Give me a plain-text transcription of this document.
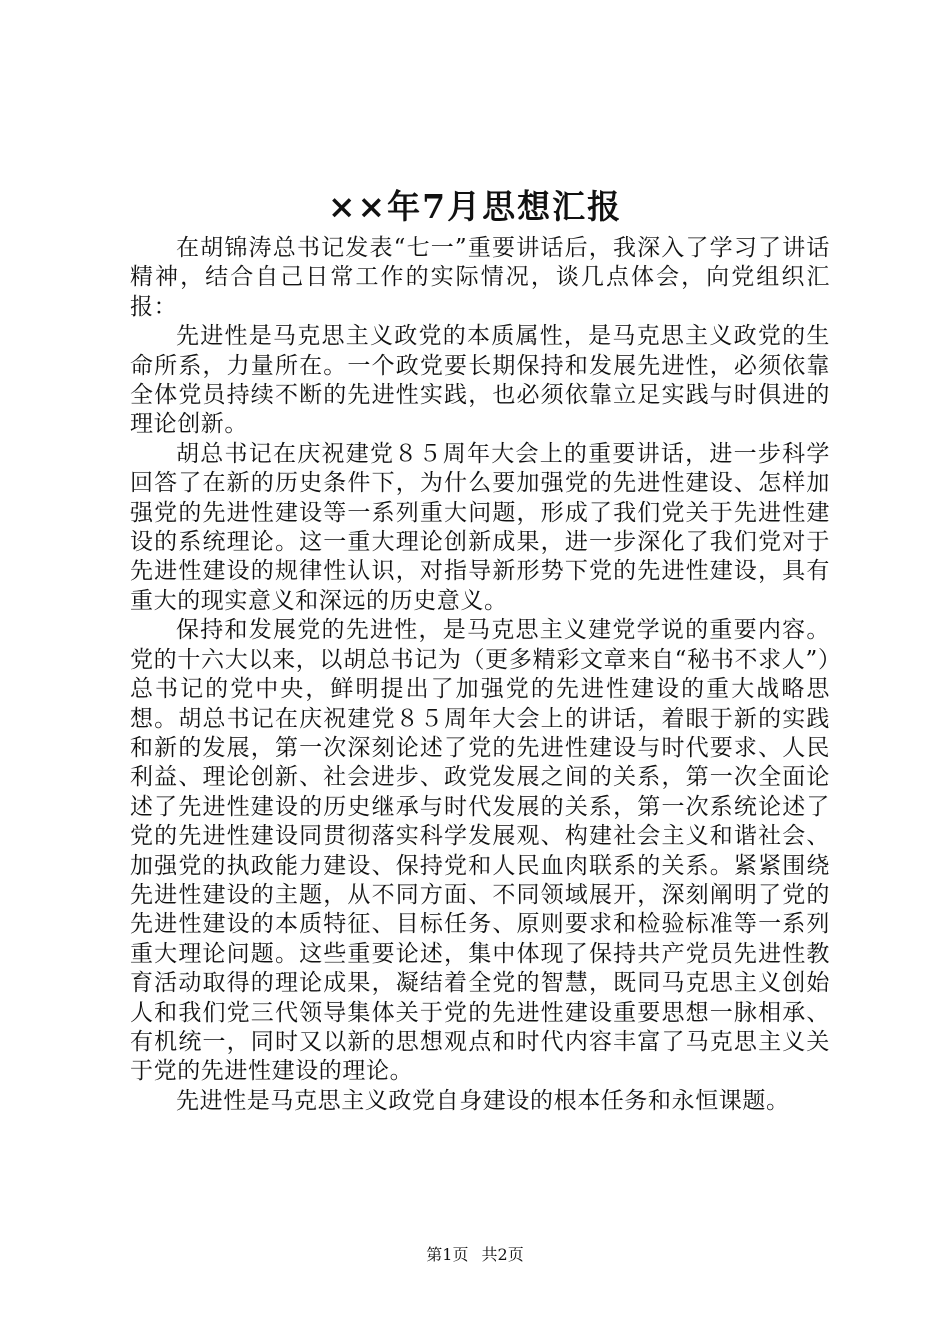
××年7月思想汇报

在胡锦涛总书记发表“七一”重要讲话后，我深入了学习了讲话精神，结合自己日常工作的实际情况，谈几点体会，向党组织汇报：

先进性是马克思主义政党的本质属性，是马克思主义政党的生命所系，力量所在。一个政党要长期保持和发展先进性，必须依靠全体党员持续不断的先进性实践，也必须依靠立足实践与时俱进的理论创新。

胡总书记在庆祝建党８５周年大会上的重要讲话，进一步科学回答了在新的历史条件下，为什么要加强党的先进性建设、怎样加强党的先进性建设等一系列重大问题，形成了我们党关于先进性建设的系统理论。这一重大理论创新成果，进一步深化了我们党对于先进性建设的规律性认识，对指导新形势下党的先进性建设，具有重大的现实意义和深远的历史意义。

保持和发展党的先进性，是马克思主义建党学说的重要内容。党的十六大以来，以胡总书记为（更多精彩文章来自“秘书不求人”）总书记的党中央，鲜明提出了加强党的先进性建设的重大战略思想。胡总书记在庆祝建党８５周年大会上的讲话，着眼于新的实践和新的发展，第一次深刻论述了党的先进性建设与时代要求、人民利益、理论创新、社会进步、政党发展之间的关系，第一次全面论述了先进性建设的历史继承与时代发展的关系，第一次系统论述了党的先进性建设同贯彻落实科学发展观、构建社会主义和谐社会、加强党的执政能力建设、保持党和人民血肉联系的关系。紧紧围绕先进性建设的主题，从不同方面、不同领域展开，深刻阐明了党的先进性建设的本质特征、目标任务、原则要求和检验标准等一系列重大理论问题。这些重要论述，集中体现了保持共产党员先进性教育活动取得的理论成果，凝结着全党的智慧，既同马克思主义创始人和我们党三代领导集体关于党的先进性建设重要思想一脉相承、有机统一，同时又以新的思想观点和时代内容丰富了马克思主义关于党的先进性建设的理论。

先进性是马克思主义政党自身建设的根本任务和永恒课题。

第1页 共2页
